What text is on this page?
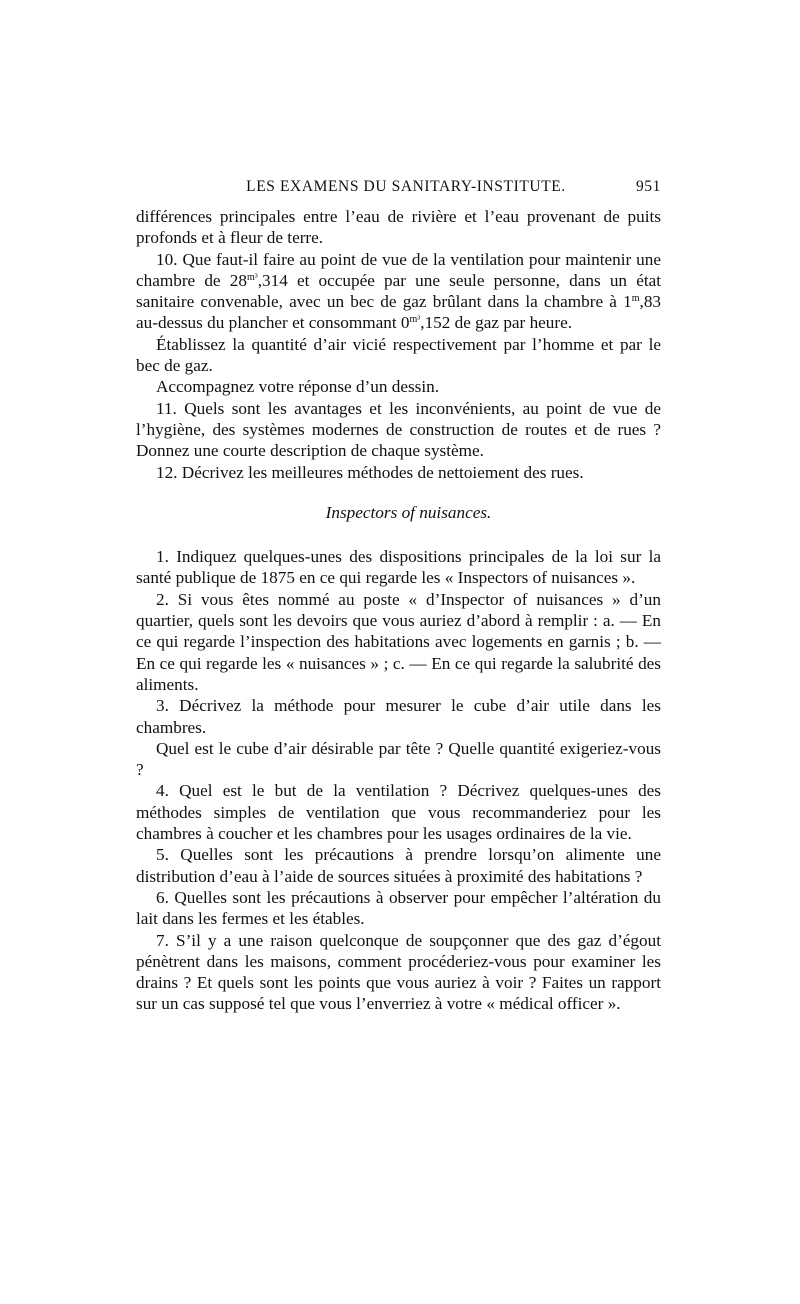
LES EXAMENS DU SANITARY-INSTITUTE.	951

différences principales entre l’eau de rivière et l’eau provenant de puits profonds et à fleur de terre.

10. Que faut-il faire au point de vue de la ventilation pour maintenir une chambre de $28^{m^3},314$ et occupée par une seule personne, dans un état sanitaire convenable, avec un bec de gaz brûlant dans la chambre à 1$^m$,83 au-dessus du plancher et consommant $0^{m^3},152$ de gaz par heure.

Établissez la quantité d’air vicié respectivement par l’homme et par le bec de gaz.

Accompagnez votre réponse d’un dessin.

11. Quels sont les avantages et les inconvénients, au point de vue de l’hygiène, des systèmes modernes de construction de routes et de rues ? Donnez une courte description de chaque système.

12. Décrivez les meilleures méthodes de nettoiement des rues.

Inspectors of nuisances.

1. Indiquez quelques-unes des dispositions principales de la loi sur la santé publique de 1875 en ce qui regarde les « Inspectors of nuisances ».

2. Si vous êtes nommé au poste « d’Inspector of nuisances » d’un quartier, quels sont les devoirs que vous auriez d’abord à remplir : a. — En ce qui regarde l’inspection des habitations avec logements en garnis ; b. — En ce qui regarde les « nuisances » ; c. — En ce qui regarde la salubrité des aliments.

3. Décrivez la méthode pour mesurer le cube d’air utile dans les chambres.

Quel est le cube d’air désirable par tête ? Quelle quantité exigeriez-vous ?

4. Quel est le but de la ventilation ? Décrivez quelques-unes des méthodes simples de ventilation que vous recommanderiez pour les chambres à coucher et les chambres pour les usages ordinaires de la vie.

5. Quelles sont les précautions à prendre lorsqu’on alimente une distribution d’eau à l’aide de sources situées à proximité des habitations ?

6. Quelles sont les précautions à observer pour empêcher l’altération du lait dans les fermes et les étables.

7. S’il y a une raison quelconque de soupçonner que des gaz d’égout pénètrent dans les maisons, comment procéderiez-vous pour examiner les drains ? Et quels sont les points que vous auriez à voir ? Faites un rapport sur un cas supposé tel que vous l’enverriez à votre « médical officer ».
